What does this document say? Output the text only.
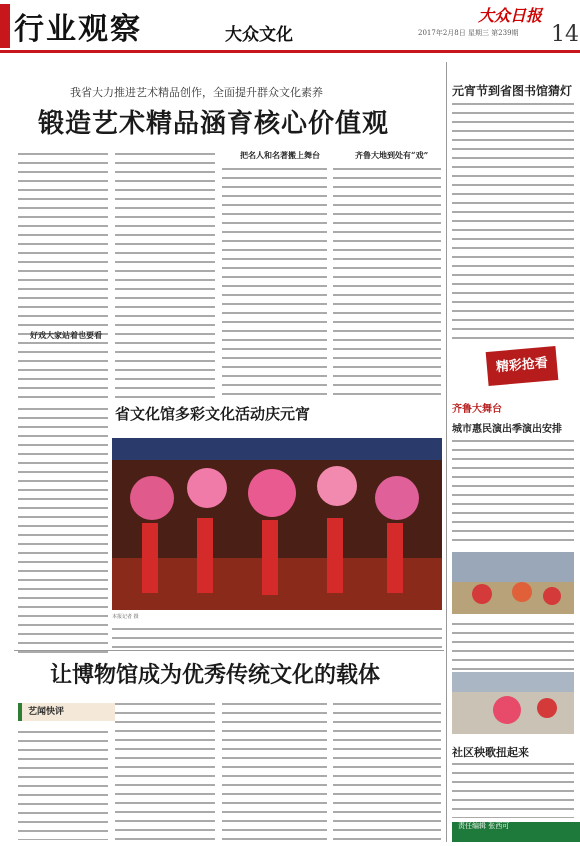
行业观察	大众文化
大众日报
2017年2月8日 星期三 第239期	14
我省大力推进艺术精品创作，全面提升群众文化素养
锻造艺术精品涵育核心价值观
把名人和名著搬上舞台	齐鲁大地到处有“戏”
好戏大家站着也要看
省文化馆多彩文化活动庆元宵
本报记者 摄
让博物馆成为优秀传统文化的载体
艺闻快评
元宵节到省图书馆猜灯
精彩抢看
齐鲁大舞台
城市惠民演出季演出安排
社区秧歌扭起来
责任编辑 张西可
